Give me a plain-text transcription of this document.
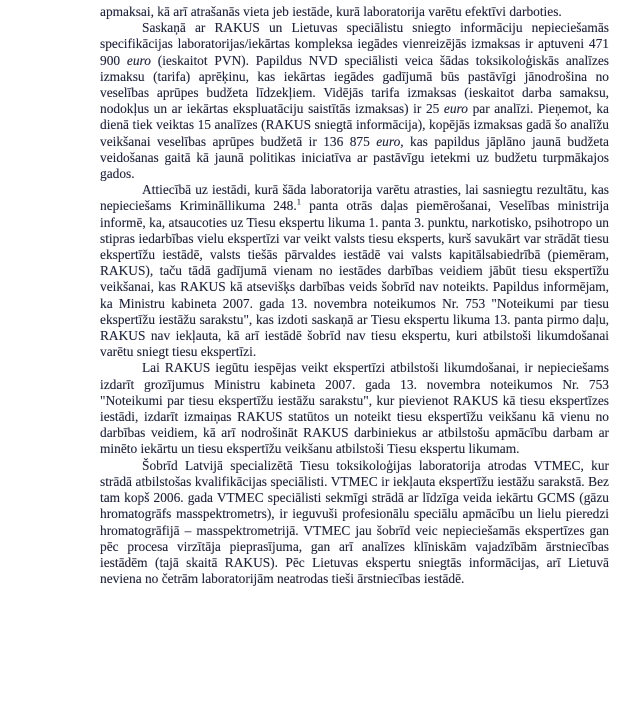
apmaksai, kā arī atrašanās vieta jeb iestāde, kurā laboratorija varētu efektīvi darboties.

Saskaņā ar RAKUS un Lietuvas speciālistu sniegto informāciju nepieciešamās specifikācijas laboratorijas/iekārtas kompleksa iegādes vienreizējās izmaksas ir aptuveni 471 900 euro (ieskaitot PVN). Papildus NVD speciālisti veica šādas toksikoloģiskās analīzes izmaksu (tarifa) aprēķinu, kas iekārtas iegādes gadījumā būs pastāvīgi jānodrošina no veselības aprūpes budžeta līdzekļiem. Vidējās tarifa izmaksas (ieskaitot darba samaksu, nodokļus un ar iekārtas ekspluatāciju saistītās izmaksas) ir 25 euro par analīzi. Pieņemot, ka dienā tiek veiktas 15 analīzes (RAKUS sniegtā informācija), kopējās izmaksas gadā šo analīžu veikšanai veselības aprūpes budžetā ir 136 875 euro, kas papildus jāplāno jaunā budžeta veidošanas gaitā kā jaunā politikas iniciatīva ar pastāvīgu ietekmi uz budžetu turpmākajos gados.

Attiecībā uz iestādi, kurā šāda laboratorija varētu atrasties, lai sasniegtu rezultātu, kas nepieciešams Krimināllikuma 248.$^1$ panta otrās daļas piemērošanai, Veselības ministrija informē, ka, atsaucoties uz Tiesu ekspertu likuma 1. panta 3. punktu, narkotisko, psihotropo un stipras iedarbības vielu ekspertīzi var veikt valsts tiesu eksperts, kurš savukārt var strādāt tiesu ekspertīžu iestādē, valsts tiešās pārvaldes iestādē vai valsts kapitālsabiedrībā (piemēram, RAKUS), taču tādā gadījumā vienam no iestādes darbības veidiem jābūt tiesu ekspertīžu veikšanai, kas RAKUS kā atsevišķs darbības veids šobrīd nav noteikts. Papildus informējam, ka Ministru kabineta 2007. gada 13. novembra noteikumos Nr. 753 "Noteikumi par tiesu ekspertīžu iestāžu sarakstu", kas izdoti saskaņā ar Tiesu ekspertu likuma 13. panta pirmo daļu, RAKUS nav iekļauta, kā arī iestādē šobrīd nav tiesu ekspertu, kuri atbilstoši likumdošanai varētu sniegt tiesu ekspertīzi.

Lai RAKUS iegūtu iespējas veikt ekspertīzi atbilstoši likumdošanai, ir nepieciešams izdarīt grozījumus Ministru kabineta 2007. gada 13. novembra noteikumos Nr. 753 "Noteikumi par tiesu ekspertīžu iestāžu sarakstu", kur pievienot RAKUS kā tiesu ekspertīzes iestādi, izdarīt izmaiņas RAKUS statūtos un noteikt tiesu ekspertīžu veikšanu kā vienu no darbības veidiem, kā arī nodrošināt RAKUS darbiniekus ar atbilstošu apmācību darbam ar minēto iekārtu un tiesu ekspertīžu veikšanu atbilstoši Tiesu ekspertu likumam.

Šobrīd Latvijā specializētā Tiesu toksikoloģijas laboratorija atrodas VTMEC, kur strādā atbilstošas kvalifikācijas speciālisti. VTMEC ir iekļauta ekspertīžu iestāžu sarakstā. Bez tam kopš 2006. gada VTMEC speciālisti sekmīgi strādā ar līdzīga veida iekārtu GCMS (gāzu hromatogrāfs masspektrometrs), ir ieguvuši profesionālu speciālu apmācību un lielu pieredzi hromatogrāfijā – masspektrometrijā. VTMEC jau šobrīd veic nepieciešamās ekspertīzes gan pēc procesa virzītāja pieprasījuma, gan arī analīzes klīniskām vajadzībām ārstniecības iestādēm (tajā skaitā RAKUS). Pēc Lietuvas ekspertu sniegtās informācijas, arī Lietuvā neviena no četrām laboratorijām neatrodas tieši ārstniecības iestādē.
